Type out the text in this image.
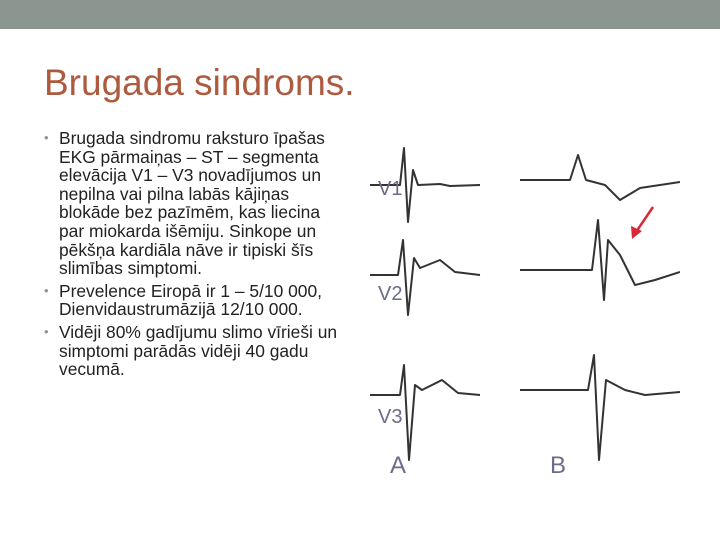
Brugada sindroms.
• Brugada sindromu raksturo īpašas EKG pārmaiņas – ST – segmenta elevācija V1 – V3 novadījumos un nepilna vai pilna labās kājiņas blokāde bez pazīmēm, kas liecina par miokarda išēmiju. Sinkope un pēkšņa kardiāla nāve ir tipiski šīs slimības simptomi.
• Prevelence Eiropā ir 1 – 5/10 000, Dienvidaustrumāzijā 12/10 000.
• Vidēji 80% gadījumu slimo vīrieši un simptomi parādās vidēji 40 gadu vecumā.
V1
V2
V3
A	B
